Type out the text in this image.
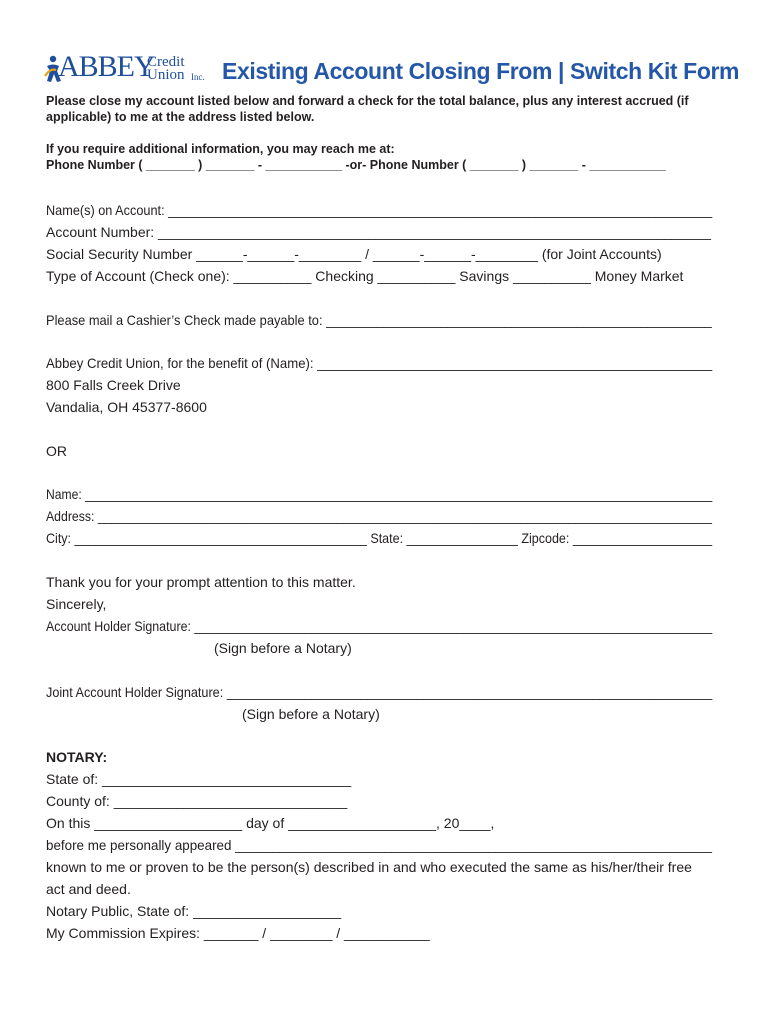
ABBEY
Credit
Union Inc. Existing Account Closing From | Switch Kit Form
Please close my account listed below and forward a check for the total balance, plus any interest accrued (if
applicable) to me at the address listed below.
If you require additional information, you may reach me at:
Phone Number ( _______ ) _______ - ___________ -or- Phone Number ( _______ ) _______ - ___________
Name(s) on Account: _____________________________________________________________________________
Account Number: _______________________________________________________________________
Social Security Number ______-______-________ / ______-______-________ (for Joint Accounts)
Type of Account (Check one): __________ Checking __________ Savings __________ Money Market
Please mail a Cashier’s Check made payable to: ______________________________________________________
Abbey Credit Union, for the benefit of (Name): ______________________________________________________
800 Falls Creek Drive
Vandalia, OH 45377-8600
OR
Name: _____________________________________________________________________________________________
Address: __________________________________________________________________________________________
City: __________________________________________ State: ________________ Zipcode: ____________________
Thank you for your prompt attention to this matter.
Sincerely,
Account Holder Signature: ___________________________________________________________________________
(Sign before a Notary)
Joint Account Holder Signature: _____________________________________________________________________
(Sign before a Notary)
NOTARY:
State of: ________________________________
County of: ______________________________
On this ___________________ day of ___________________, 20____,
before me personally appeared ________________________________________________________________
known to me or proven to be the person(s) described in and who executed the same as his/her/their free
act and deed.
Notary Public, State of: ___________________
My Commission Expires: _______ / ________ / ___________
